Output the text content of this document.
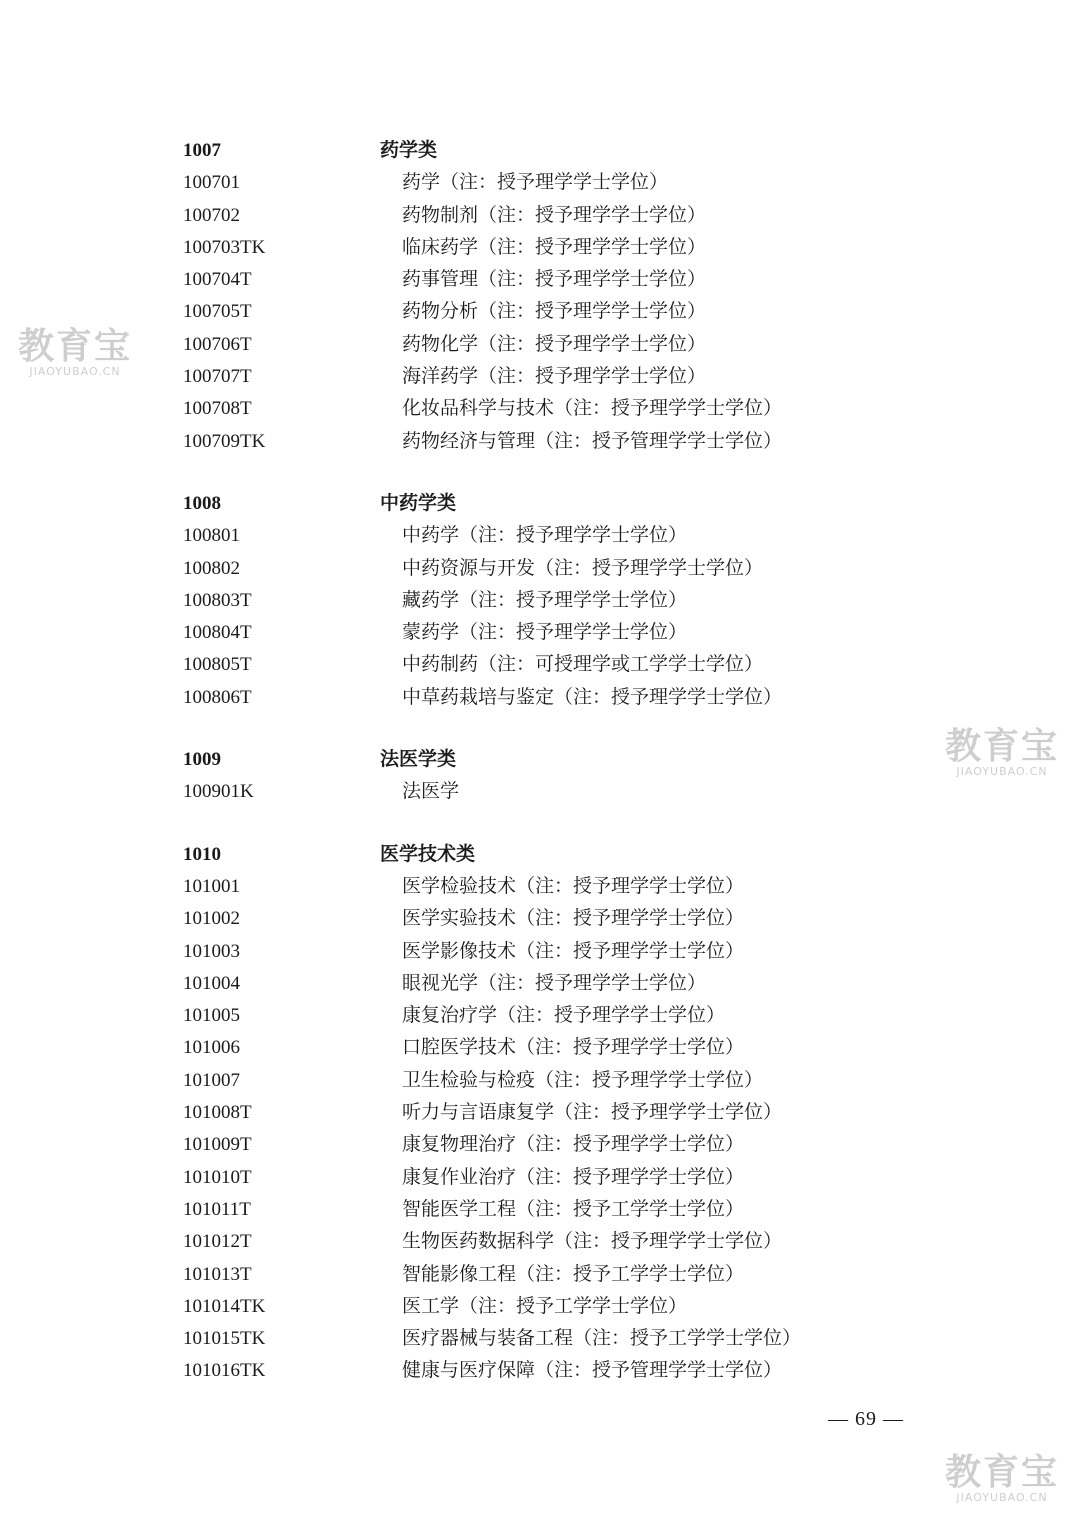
1007	药学类
100701	药学（注：授予理学学士学位）
100702	药物制剂（注：授予理学学士学位）
100703TK	临床药学（注：授予理学学士学位）
100704T	药事管理（注：授予理学学士学位）
100705T	药物分析（注：授予理学学士学位）
100706T	药物化学（注：授予理学学士学位）
100707T	海洋药学（注：授予理学学士学位）
100708T	化妆品科学与技术（注：授予理学学士学位）
100709TK	药物经济与管理（注：授予管理学学士学位）
1008	中药学类
100801	中药学（注：授予理学学士学位）
100802	中药资源与开发（注：授予理学学士学位）
100803T	藏药学（注：授予理学学士学位）
100804T	蒙药学（注：授予理学学士学位）
100805T	中药制药（注：可授理学或工学学士学位）
100806T	中草药栽培与鉴定（注：授予理学学士学位）
1009	法医学类
100901K	法医学
1010	医学技术类
101001	医学检验技术（注：授予理学学士学位）
101002	医学实验技术（注：授予理学学士学位）
101003	医学影像技术（注：授予理学学士学位）
101004	眼视光学（注：授予理学学士学位）
101005	康复治疗学（注：授予理学学士学位）
101006	口腔医学技术（注：授予理学学士学位）
101007	卫生检验与检疫（注：授予理学学士学位）
101008T	听力与言语康复学（注：授予理学学士学位）
101009T	康复物理治疗（注：授予理学学士学位）
101010T	康复作业治疗（注：授予理学学士学位）
101011T	智能医学工程（注：授予工学学士学位）
101012T	生物医药数据科学（注：授予理学学士学位）
101013T	智能影像工程（注：授予工学学士学位）
101014TK	医工学（注：授予工学学士学位）
101015TK	医疗器械与装备工程（注：授予工学学士学位）
101016TK	健康与医疗保障（注：授予管理学学士学位）
— 69 —
教育宝
JIAOYUBAO.CN
教育宝
JIAOYUBAO.CN
教育宝
JIAOYUBAO.CN
